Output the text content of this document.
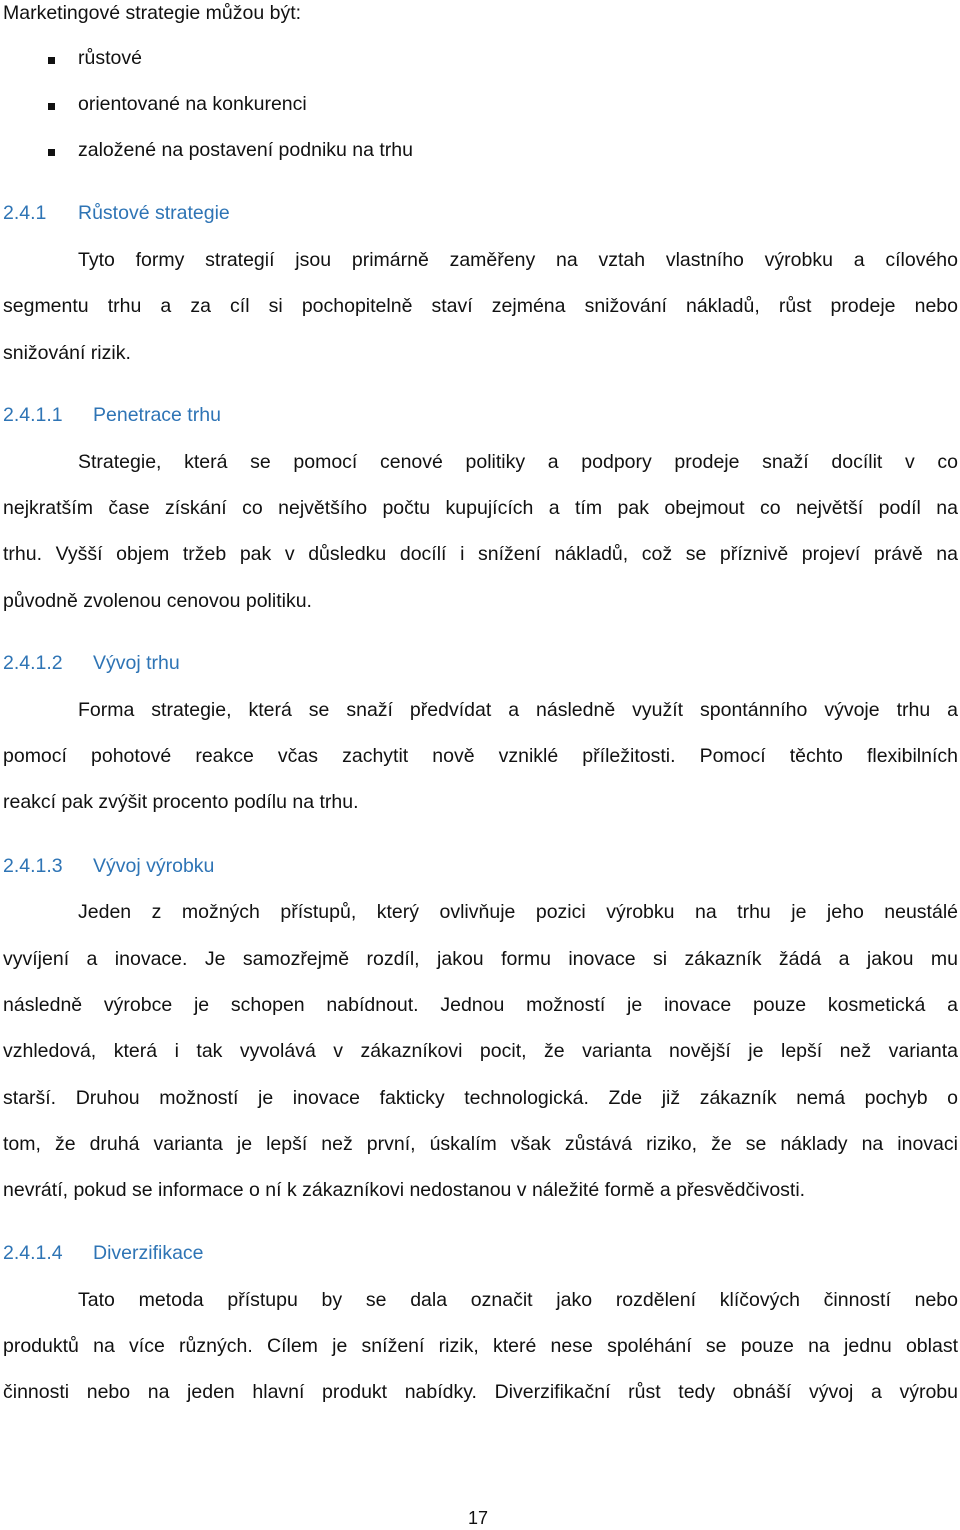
Marketingové strategie můžou být:
růstové
orientované na konkurenci
založené na postavení podniku na trhu
2.4.1 Růstové strategie
Tyto formy strategií jsou primárně zaměřeny na vztah vlastního výrobku a cílového
segmentu trhu a za cíl si pochopitelně staví zejména snižování nákladů, růst prodeje nebo
snižování rizik.
2.4.1.1 Penetrace trhu
Strategie, která se pomocí cenové politiky a podpory prodeje snaží docílit v co
nejkratším čase získání co největšího počtu kupujících a tím pak obejmout co největší podíl na
trhu. Vyšší objem tržeb pak v důsledku docílí i snížení nákladů, což se příznivě projeví právě na
původně zvolenou cenovou politiku.
2.4.1.2 Vývoj trhu
Forma strategie, která se snaží předvídat a následně využít spontánního vývoje trhu a
pomocí pohotové reakce včas zachytit nově vzniklé příležitosti. Pomocí těchto flexibilních
reakcí pak zvýšit procento podílu na trhu.
2.4.1.3 Vývoj výrobku
Jeden z možných přístupů, který ovlivňuje pozici výrobku na trhu je jeho neustálé
vyvíjení a inovace. Je samozřejmě rozdíl, jakou formu inovace si zákazník žádá a jakou mu
následně výrobce je schopen nabídnout. Jednou možností je inovace pouze kosmetická a
vzhledová, která i tak vyvolává v zákazníkovi pocit, že varianta novější je lepší než varianta
starší. Druhou možností je inovace fakticky technologická. Zde již zákazník nemá pochyb o
tom, že druhá varianta je lepší než první, úskalím však zůstává riziko, že se náklady na inovaci
nevrátí, pokud se informace o ní k zákazníkovi nedostanou v náležité formě a přesvědčivosti.
2.4.1.4 Diverzifikace
Tato metoda přístupu by se dala označit jako rozdělení klíčových činností nebo
produktů na více různých. Cílem je snížení rizik, které nese spoléhání se pouze na jednu oblast
činnosti nebo na jeden hlavní produkt nabídky. Diverzifikační růst tedy obnáší vývoj a výrobu
17
